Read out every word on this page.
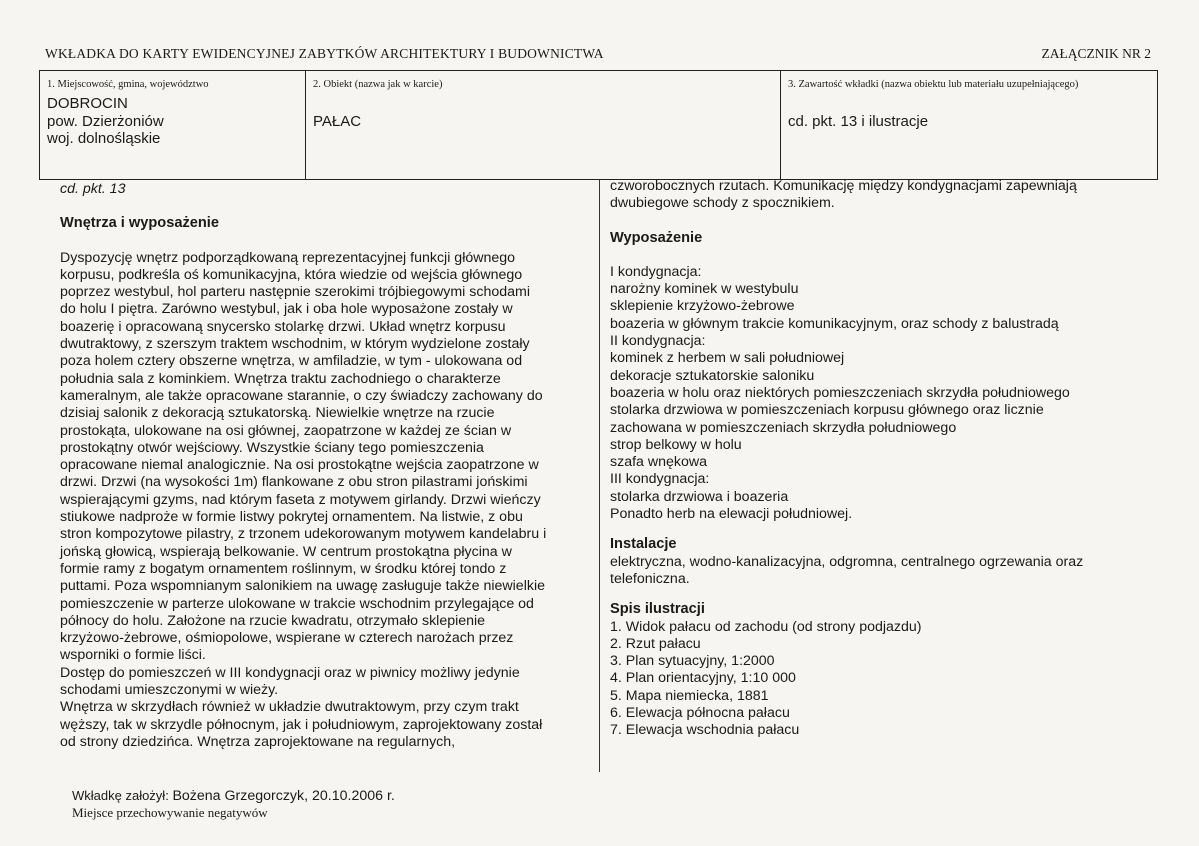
WKŁADKA DO KARTY EWIDENCYJNEJ ZABYTKÓW ARCHITEKTURY I BUDOWNICTWA	ZAŁĄCZNIK NR 2
1. Miejscowość, gmina, województwo
DOBROCIN
pow. Dzierżoniów
woj. dolnośląskie
2. Obiekt (nazwa jak w karcie)
PAŁAC
3. Zawartość wkładki (nazwa obiektu lub materiału uzupełniającego)
cd. pkt. 13 i ilustracje

cd. pkt. 13

Wnętrza i wyposażenie

Dyspozycję wnętrz podporządkowaną reprezentacyjnej funkcji głównego
korpusu, podkreśla oś komunikacyjna, która wiedzie od wejścia głównego
poprzez westybul, hol parteru następnie szerokimi trójbiegowymi schodami
do holu I piętra. Zarówno westybul, jak i oba hole wyposażone zostały w
boazerię i opracowaną snycersko stolarkę drzwi. Układ wnętrz korpusu
dwutraktowy, z szerszym traktem wschodnim, w którym wydzielone zostały
poza holem cztery obszerne wnętrza, w amfiladzie, w tym - ulokowana od
południa sala z kominkiem. Wnętrza traktu zachodniego o charakterze
kameralnym, ale także opracowane starannie, o czy świadczy zachowany do
dzisiaj salonik z dekoracją sztukatorską. Niewielkie wnętrze na rzucie
prostokąta, ulokowane na osi głównej, zaopatrzone w każdej ze ścian w
prostokątny otwór wejściowy. Wszystkie ściany tego pomieszczenia
opracowane niemal analogicznie. Na osi prostokątne wejścia zaopatrzone w
drzwi. Drzwi (na wysokości 1m) flankowane z obu stron pilastrami jońskimi
wspierającymi gzyms, nad którym faseta z motywem girlandy. Drzwi wieńczy
stiukowe nadproże w formie listwy pokrytej ornamentem. Na listwie, z obu
stron kompozytowe pilastry, z trzonem udekorowanym motywem kandelabru i
jońską głowicą, wspierają belkowanie. W centrum prostokątna płycina w
formie ramy z bogatym ornamentem roślinnym, w środku której tondo z
puttami. Poza wspomnianym salonikiem na uwagę zasługuje także niewielkie
pomieszczenie w parterze ulokowane w trakcie wschodnim przylegające od
północy do holu. Założone na rzucie kwadratu, otrzymało sklepienie
krzyżowo-żebrowe, ośmiopolowe, wspierane w czterech narożach przez
wsporniki o formie liści.
Dostęp do pomieszczeń w III kondygnacji oraz w piwnicy możliwy jedynie
schodami umieszczonymi w wieży.
Wnętrza w skrzydłach również w układzie dwutraktowym, przy czym trakt
węższy, tak w skrzydle północnym, jak i południowym, zaprojektowany został
od strony dziedzińca. Wnętrza zaprojektowane na regularnych,
czworobocznych rzutach. Komunikację między kondygnacjami zapewniają
dwubiegowe schody z spocznikiem.

Wyposażenie

I kondygnacja:
narożny kominek w westybulu
sklepienie krzyżowo-żebrowe
boazeria w głównym trakcie komunikacyjnym, oraz schody z balustradą
II kondygnacja:
kominek z herbem w sali południowej
dekoracje sztukatorskie saloniku
boazeria w holu oraz niektórych pomieszczeniach skrzydła południowego
stolarka drzwiowa w pomieszczeniach korpusu głównego oraz licznie
zachowana w pomieszczeniach skrzydła południowego
strop belkowy w holu
szafa wnękowa
III kondygnacja:
stolarka drzwiowa i boazeria
Ponadto herb na elewacji południowej.

Instalacje

elektryczna, wodno-kanalizacyjna, odgromna, centralnego ogrzewania oraz
telefoniczna.

Spis ilustracji

1. Widok pałacu od zachodu (od strony podjazdu)
2. Rzut pałacu
3. Plan sytuacyjny, 1:2000
4. Plan orientacyjny, 1:10 000
5. Mapa niemiecka, 1881
6. Elewacja północna pałacu
7. Elewacja wschodnia pałacu
Wkładkę założył: Bożena Grzegorczyk, 20.10.2006 r.
Miejsce przechowywanie negatywów
